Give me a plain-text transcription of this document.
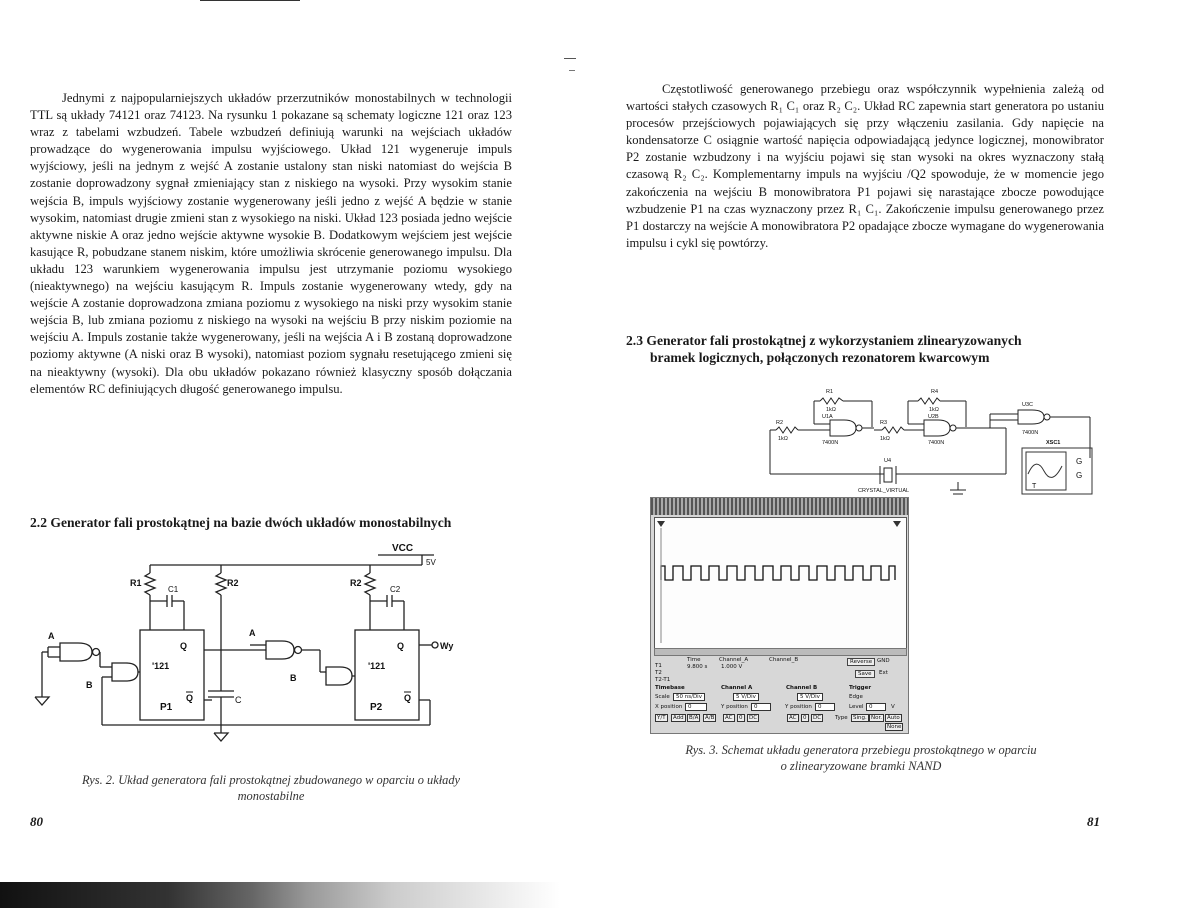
Jednymi z najpopularniejszych układów przerzutników monostabilnych w technologii TTL są układy 74121 oraz 74123. Na rysunku 1 pokazane są schematy logiczne 121 oraz 123 wraz z tabelami wzbudzeń. Tabele wzbudzeń definiują warunki na wejściach układów prowadzące do wygenerowania impulsu wyjściowego. Układ 121 wygeneruje impuls wyjściowy, jeśli na jednym z wejść A zostanie ustalony stan niski natomiast do wejścia B zostanie doprowadzony sygnał zmieniający stan z niskiego na wysoki. Przy wysokim stanie wejścia B, impuls wyjściowy zostanie wygenerowany jeśli jedno z wejść A będzie w stanie wysokim, natomiast drugie zmieni stan z wysokiego na niski. Układ 123 posiada jedno wejście aktywne niskie A oraz jedno wejście aktywne wysokie B. Dodatkowym wejściem jest wejście kasujące R, pobudzane stanem niskim, które umożliwia skrócenie generowanego impulsu. Dla układu 123 warunkiem wygenerowania impulsu jest utrzymanie poziomu wysokiego (nieaktywnego) na wejściu kasującym R. Impuls zostanie wygenerowany wtedy, gdy na wejście A zostanie doprowadzona zmiana poziomu z wysokiego na niski przy wysokim stanie wejścia B, lub zmiana poziomu z niskiego na wysoki na wejściu B przy niskim poziomie na wejściu A. Impuls zostanie także wygenerowany, jeśli na wejścia A i B zostaną doprowadzone poziomy aktywne (A niski oraz B wysoki), natomiast poziom sygnału resetującego zmieni się na nieaktywny (wysoki). Dla obu układów pokazano również klasyczny sposób dołączania elementów RC definiujących długość generowanego impulsu.
2.2 Generator fali prostokątnej na bazie dwóch układów monostabilnych
VCC
5V
R1
C1
R2	R2
C2
A
B
A
B
Q
Q
'121
P1
C
Q
Q
'121
P2
Wy
Rys. 2. Układ generatora fali prostokątnej zbudowanego w oparciu o układy
monostabilne
80
Częstotliwość generowanego przebiegu oraz współczynnik wypełnienia zależą od wartości stałych czasowych R₁ C₁ oraz R₂ C₂. Układ RC zapewnia start generatora po ustaniu procesów przejściowych pojawiających się przy włączeniu zasilania. Gdy napięcie na kondensatorze C osiągnie wartość napięcia odpowiadającą jedynce logicznej, monowibrator P2 zostanie wzbudzony i na wyjściu pojawi się stan wysoki na okres wyznaczony stałą czasową R₂ C₂. Komplementarny impuls na wyjściu /Q2 spowoduje, że w momencie jego zakończenia na wejściu B monowibratora P1 pojawi się narastające zbocze powodujące wzbudzenie P1 na czas wyznaczony przez R₁ C₁. Zakończenie impulsu generowanego przez P1 dostarczy na wejście A monowibratora P2 opadające zbocze wymagane do wygenerowania impulsu i cykl się powtórzy.
2.3 Generator fali prostokątnej z wykorzystaniem zlinearyzowanych
bramek logicznych, połączonych rezonatorem kwarcowym
R1
1kΩ
R4
1kΩ
R2
1kΩ
R3
1kΩ
U1A
7400N
U2B
7400N
U3C
7400N
U4
CRYSTAL_VIRTUAL
XSC1
G
G
T
Time	Channel_A	Channel_B
T1
T2
T2-T1
9.800 s 1.000 V
Reverse GND
Save	Ext
Timebase	Channel A	Channel B	Trigger
Scale	50 ns/Div	5 V/Div	5 V/Div	Edge
X position	0	Y position	0	Y position	0	Level 0	V
Y/T	Add B/A	A/B	AC	0	DC	AC	0	DC	Type Sing. Nor. Auto
None
Rys. 3. Schemat układu generatora przebiegu prostokątnego w oparciu
o zlinearyzowane bramki NAND
81
